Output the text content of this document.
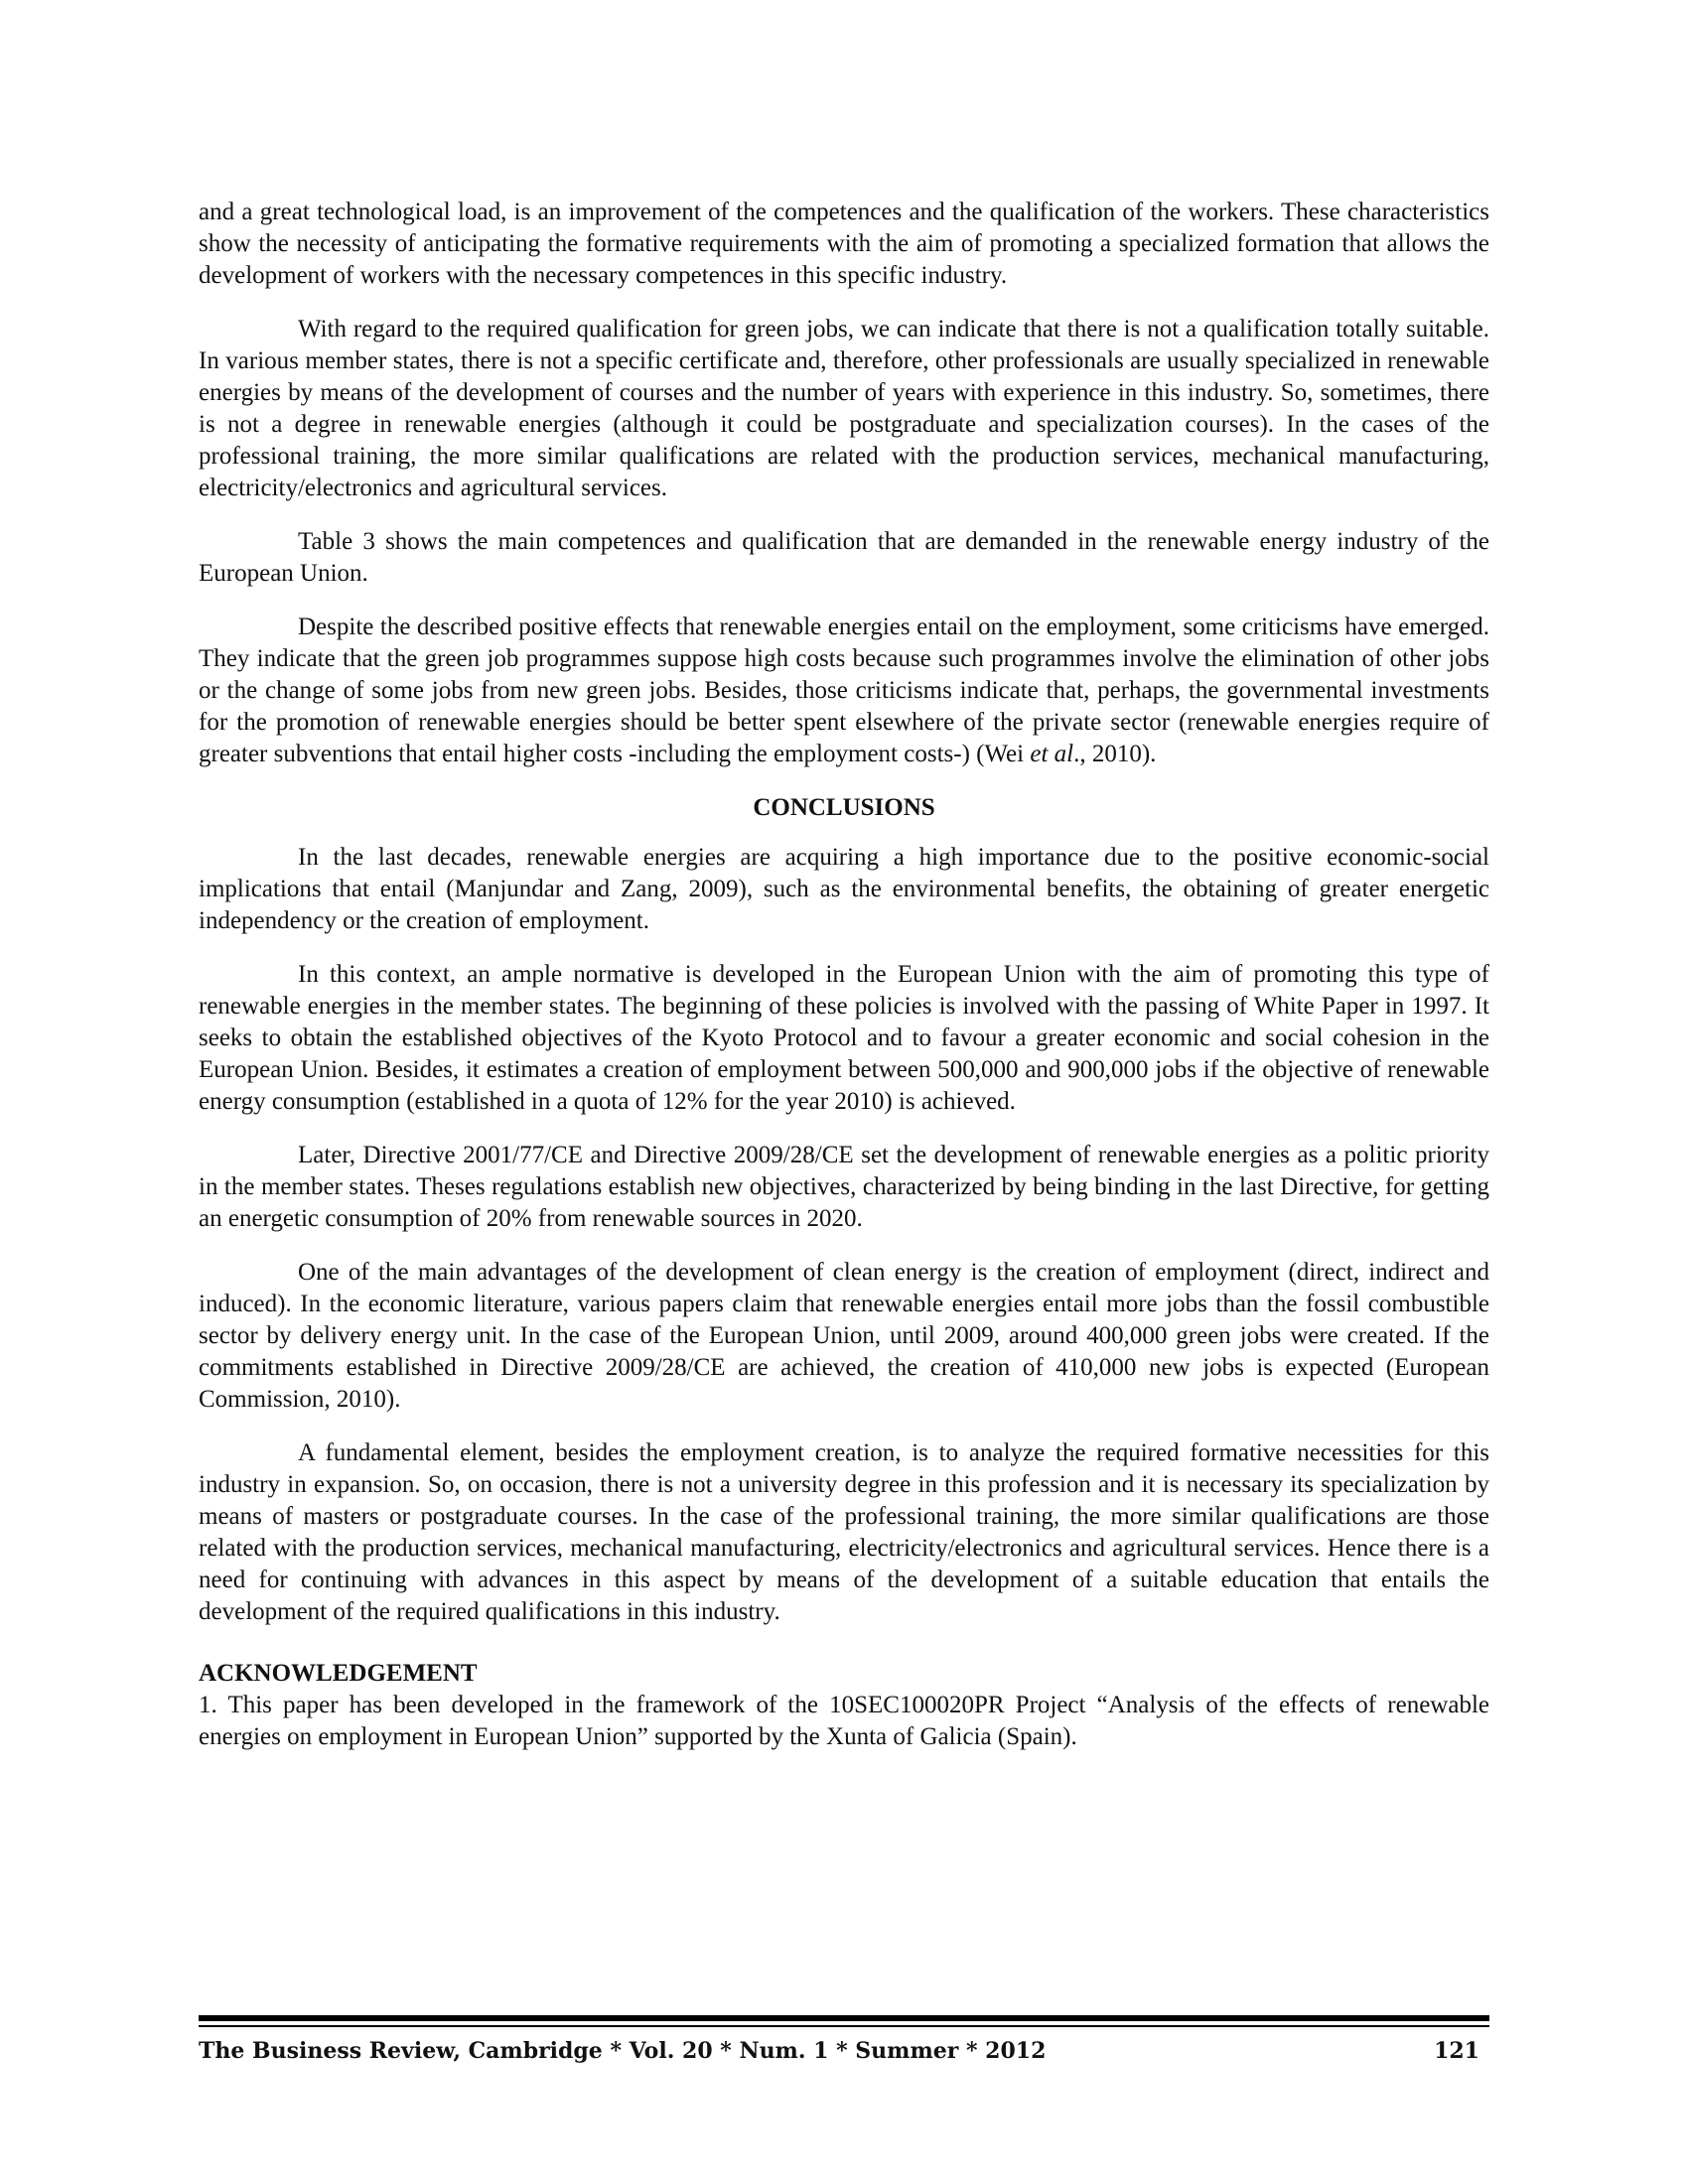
and a great technological load, is an improvement of the competences and the qualification of the workers. These characteristics show the necessity of anticipating the formative requirements with the aim of promoting a specialized formation that allows the development of workers with the necessary competences in this specific industry.

With regard to the required qualification for green jobs, we can indicate that there is not a qualification totally suitable. In various member states, there is not a specific certificate and, therefore, other professionals are usually specialized in renewable energies by means of the development of courses and the number of years with experience in this industry. So, sometimes, there is not a degree in renewable energies (although it could be postgraduate and specialization courses). In the cases of the professional training, the more similar qualifications are related with the production services, mechanical manufacturing, electricity/electronics and agricultural services.

Table 3 shows the main competences and qualification that are demanded in the renewable energy industry of the European Union.

Despite the described positive effects that renewable energies entail on the employment, some criticisms have emerged. They indicate that the green job programmes suppose high costs because such programmes involve the elimination of other jobs or the change of some jobs from new green jobs. Besides, those criticisms indicate that, perhaps, the governmental investments for the promotion of renewable energies should be better spent elsewhere of the private sector (renewable energies require of greater subventions that entail higher costs -including the employment costs-) (Wei et al., 2010).

CONCLUSIONS

In the last decades, renewable energies are acquiring a high importance due to the positive economic-social implications that entail (Manjundar and Zang, 2009), such as the environmental benefits, the obtaining of greater energetic independency or the creation of employment.

In this context, an ample normative is developed in the European Union with the aim of promoting this type of renewable energies in the member states. The beginning of these policies is involved with the passing of White Paper in 1997. It seeks to obtain the established objectives of the Kyoto Protocol and to favour a greater economic and social cohesion in the European Union. Besides, it estimates a creation of employment between 500,000 and 900,000 jobs if the objective of renewable energy consumption (established in a quota of 12% for the year 2010) is achieved.

Later, Directive 2001/77/CE and Directive 2009/28/CE set the development of renewable energies as a politic priority in the member states. Theses regulations establish new objectives, characterized by being binding in the last Directive, for getting an energetic consumption of 20% from renewable sources in 2020.

One of the main advantages of the development of clean energy is the creation of employment (direct, indirect and induced). In the economic literature, various papers claim that renewable energies entail more jobs than the fossil combustible sector by delivery energy unit. In the case of the European Union, until 2009, around 400,000 green jobs were created. If the commitments established in Directive 2009/28/CE are achieved, the creation of 410,000 new jobs is expected (European Commission, 2010).

A fundamental element, besides the employment creation, is to analyze the required formative necessities for this industry in expansion. So, on occasion, there is not a university degree in this profession and it is necessary its specialization by means of masters or postgraduate courses. In the case of the professional training, the more similar qualifications are those related with the production services, mechanical manufacturing, electricity/electronics and agricultural services. Hence there is a need for continuing with advances in this aspect by means of the development of a suitable education that entails the development of the required qualifications in this industry.

ACKNOWLEDGEMENT

1. This paper has been developed in the framework of the 10SEC100020PR Project “Analysis of the effects of renewable energies on employment in European Union” supported by the Xunta of Galicia (Spain).

The Business Review, Cambridge * Vol. 20 * Num. 1 * Summer * 2012	121
